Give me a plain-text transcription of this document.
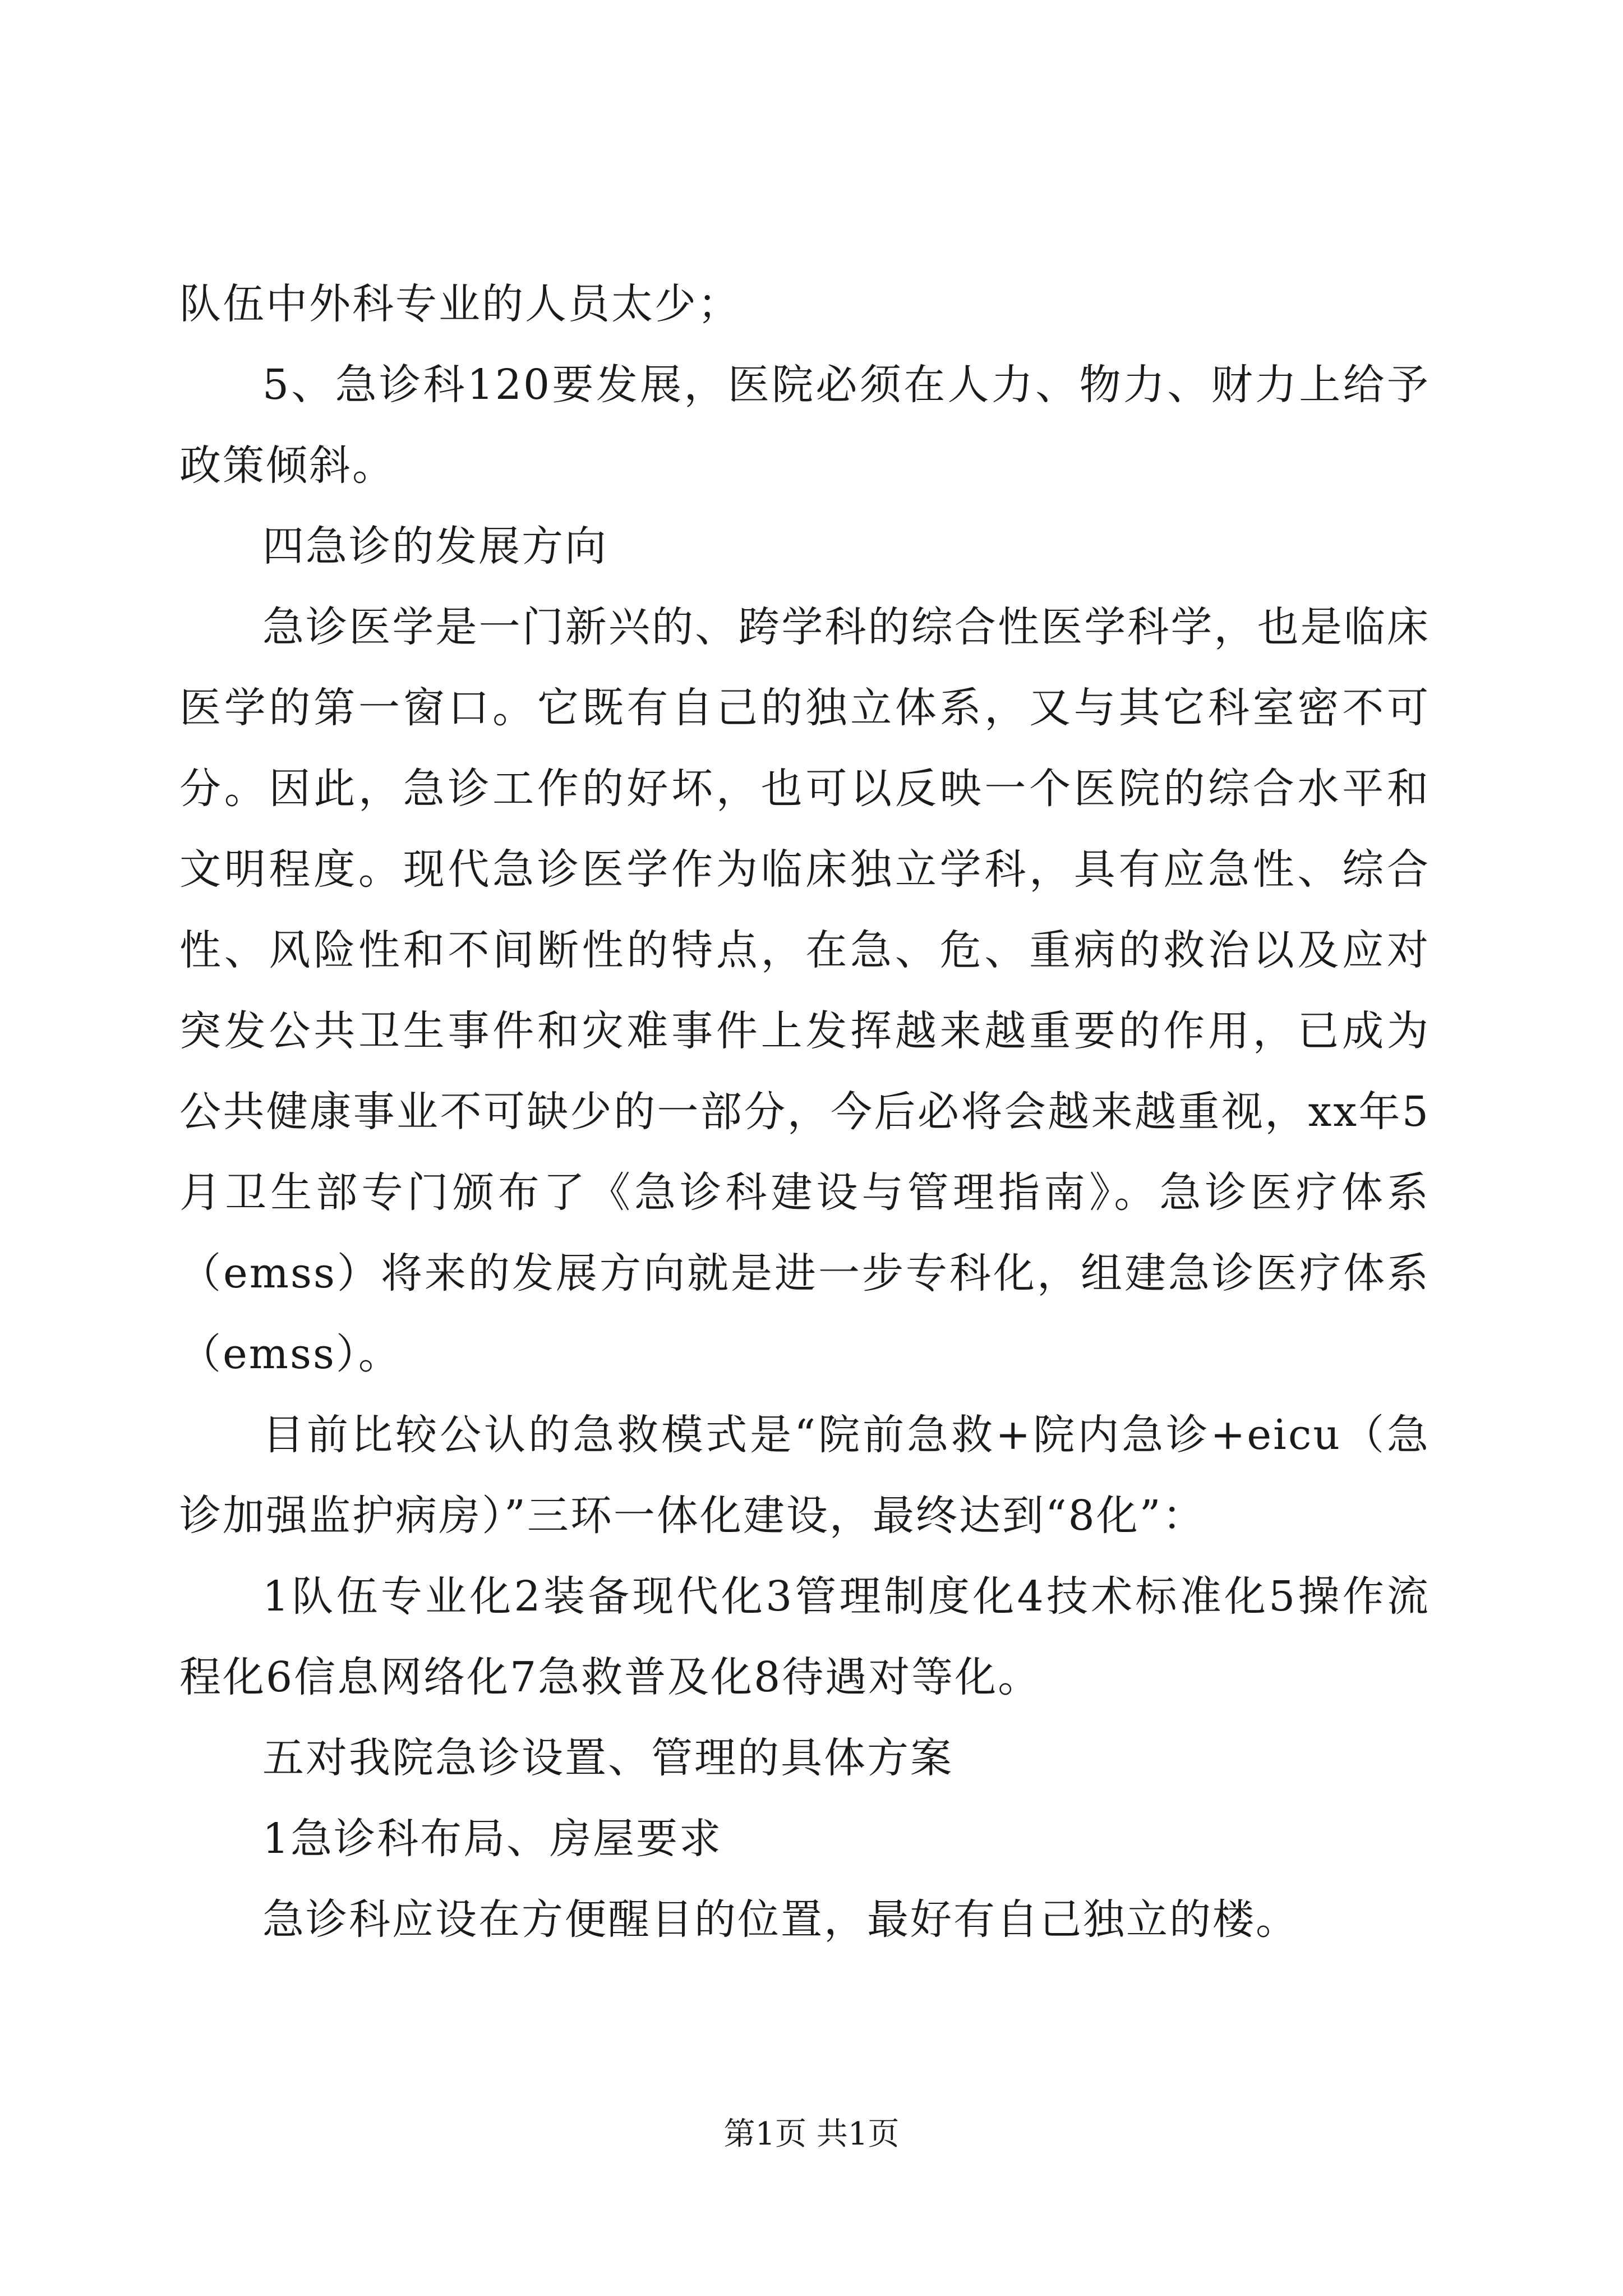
队伍中外科专业的人员太少；

5、急诊科120要发展，医院必须在人力、物力、财力上给予政策倾斜。

四急诊的发展方向

急诊医学是一门新兴的、跨学科的综合性医学科学，也是临床医学的第一窗口。它既有自己的独立体系，又与其它科室密不可分。因此，急诊工作的好坏，也可以反映一个医院的综合水平和文明程度。现代急诊医学作为临床独立学科，具有应急性、综合性、风险性和不间断性的特点，在急、危、重病的救治以及应对突发公共卫生事件和灾难事件上发挥越来越重要的作用，已成为公共健康事业不可缺少的一部分，今后必将会越来越重视，xx年5月卫生部专门颁布了《急诊科建设与管理指南》。急诊医疗体系（emss）将来的发展方向就是进一步专科化，组建急诊医疗体系（emss）。

目前比较公认的急救模式是“院前急救+院内急诊+eicu（急诊加强监护病房）”三环一体化建设，最终达到“8化”：

1队伍专业化2装备现代化3管理制度化4技术标准化5操作流程化6信息网络化7急救普及化8待遇对等化。

五对我院急诊设置、管理的具体方案

1急诊科布局、房屋要求

急诊科应设在方便醒目的位置，最好有自己独立的楼。

第1页 共1页
